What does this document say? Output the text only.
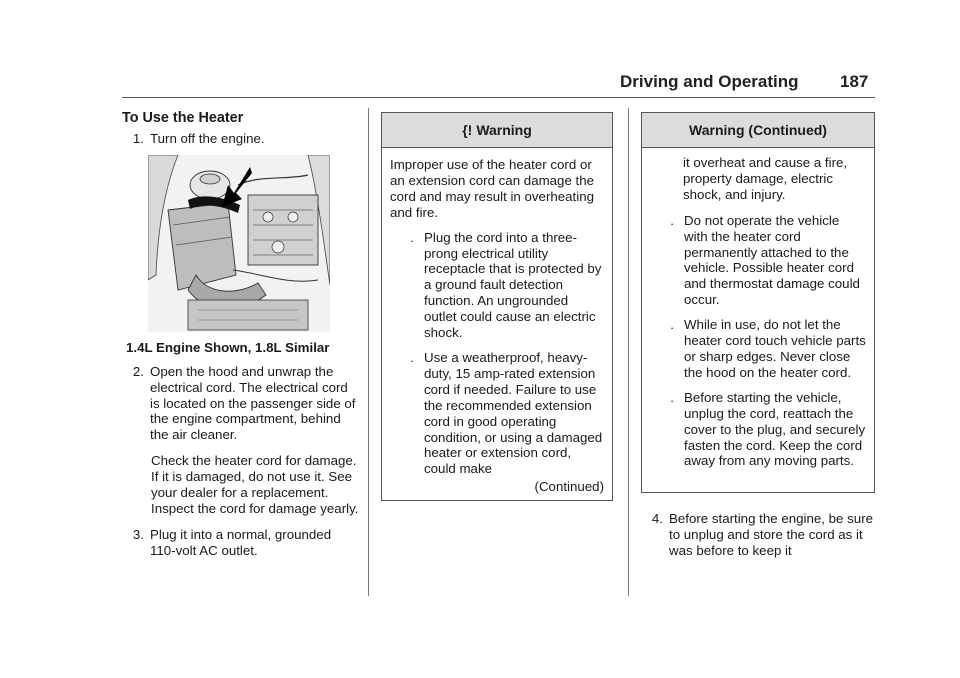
Driving and Operating 187
To Use the Heater
1. Turn off the engine.
1.4L Engine Shown, 1.8L Similar
2. Open the hood and unwrap the electrical cord. The electrical cord is located on the passenger side of the engine compartment, behind the air cleaner.
Check the heater cord for damage. If it is damaged, do not use it. See your dealer for a replacement. Inspect the cord for damage yearly.
3. Plug it into a normal, grounded 110-volt AC outlet.
{! Warning
Improper use of the heater cord or an extension cord can damage the cord and may result in overheating and fire.
. Plug the cord into a three-prong electrical utility receptacle that is protected by a ground fault detection function. An ungrounded outlet could cause an electric shock.
. Use a weatherproof, heavy-duty, 15 amp-rated extension cord if needed. Failure to use the recommended extension cord in good operating condition, or using a damaged heater or extension cord, could make
(Continued)
Warning (Continued)
it overheat and cause a fire, property damage, electric shock, and injury.
. Do not operate the vehicle with the heater cord permanently attached to the vehicle. Possible heater cord and thermostat damage could occur.
. While in use, do not let the heater cord touch vehicle parts or sharp edges. Never close the hood on the heater cord.
. Before starting the vehicle, unplug the cord, reattach the cover to the plug, and securely fasten the cord. Keep the cord away from any moving parts.
4. Before starting the engine, be sure to unplug and store the cord as it was before to keep it
